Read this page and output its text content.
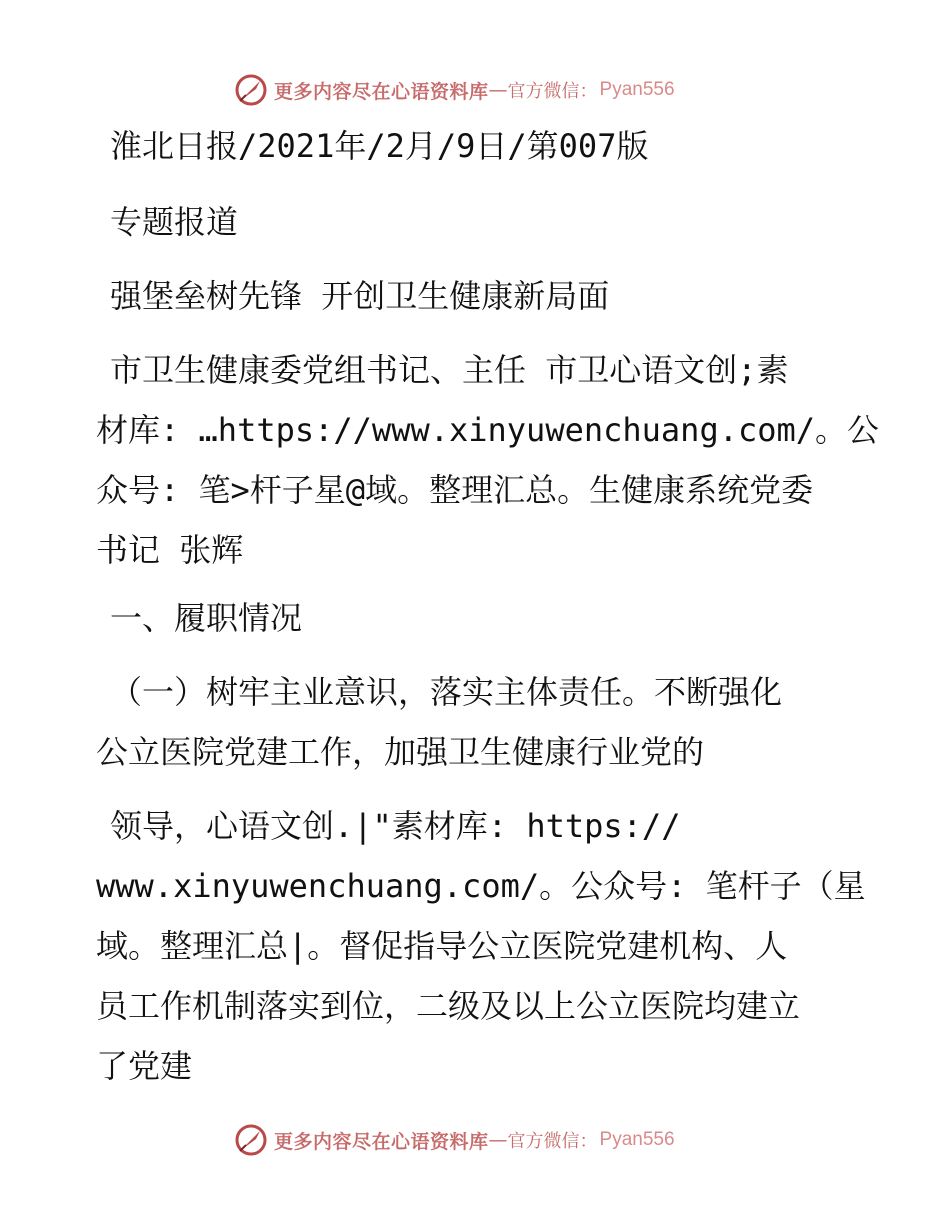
更多内容尽在心语资料库 — 官方微信： Pyan556
淮北日报/2021年/2月/9日/第007版
专题报道
强堡垒树先锋 开创卫生健康新局面
市卫生健康委党组书记、主任 市卫心语文创;素
材库: …https://www.xinyuwenchuang.com/。公
众号: 笔>杆子星@域。整理汇总。生健康系统党委
书记 张辉
一、履职情况
（一）树牢主业意识，落实主体责任。不断强化
公立医院党建工作，加强卫生健康行业党的
领导，心语文创.|"素材库: https://
www.xinyuwenchuang.com/。公众号: 笔杆子（星
域。整理汇总|。督促指导公立医院党建机构、人
员工作机制落实到位，二级及以上公立医院均建立
了党建
更多内容尽在心语资料库 — 官方微信： Pyan556
